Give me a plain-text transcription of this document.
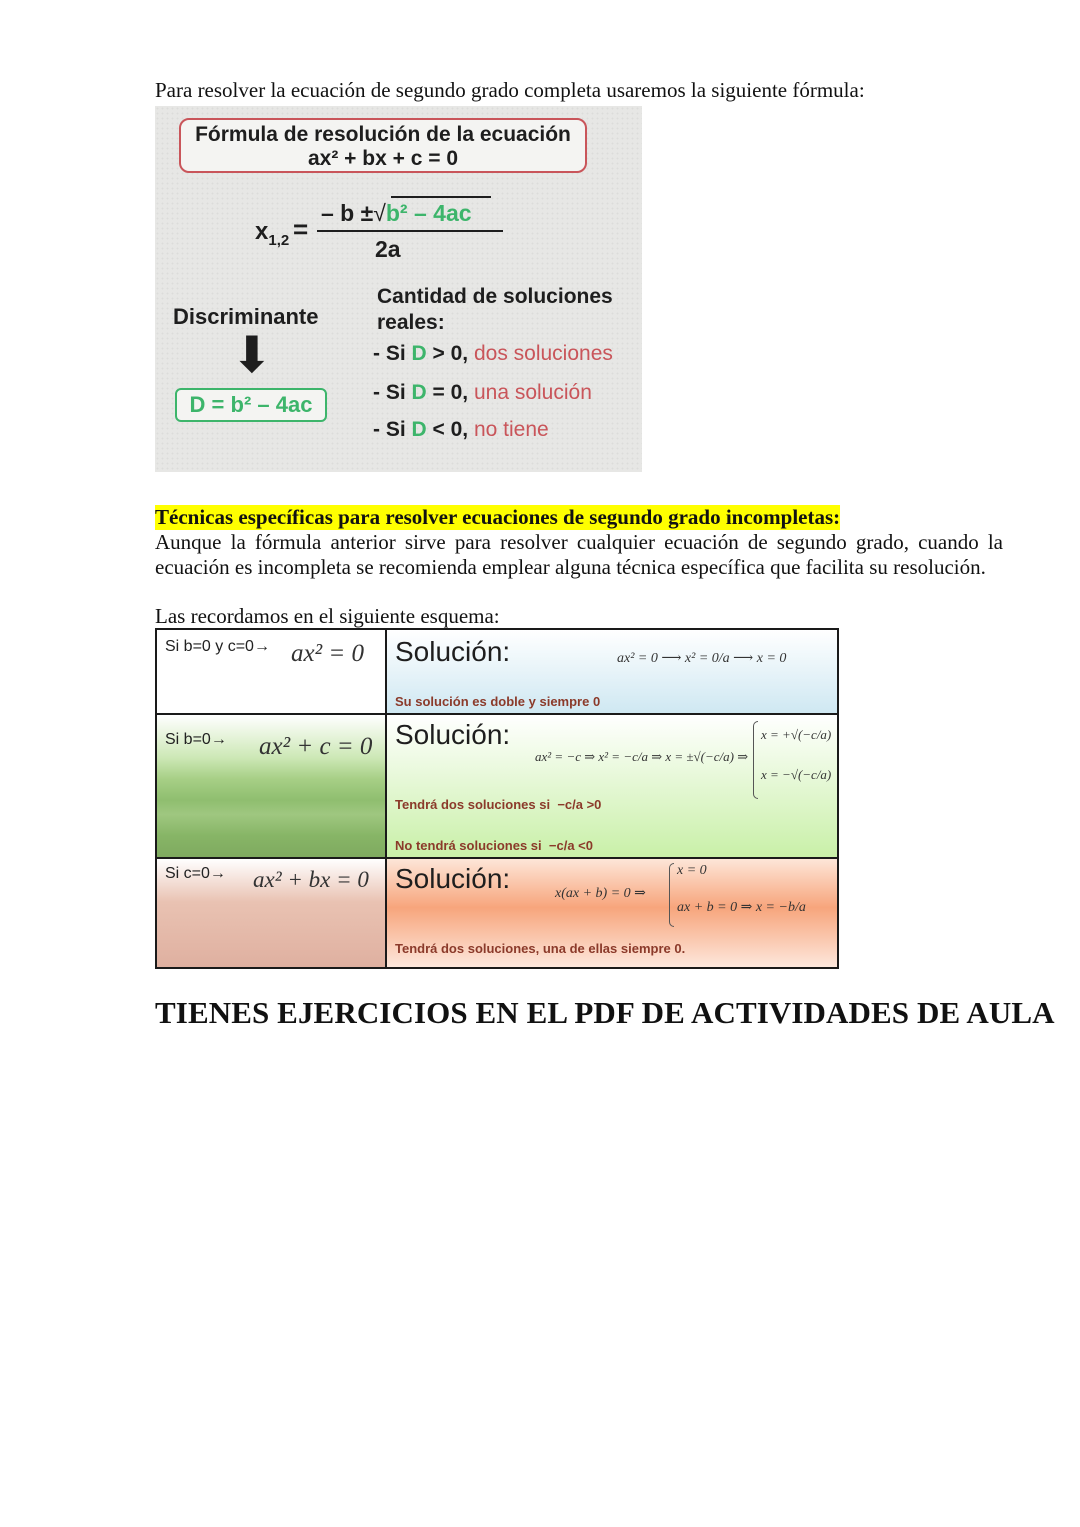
Para resolver la ecuación de segundo grado completa usaremos la siguiente fórmula:
Fórmula de resolución de la ecuación
ax² + bx + c = 0
$x_{1,2}$ =
– b ±√b² – 4ac
2a
Discriminante
⬇
D = b² – 4ac
Cantidad de soluciones
reales:
- Si D > 0, dos soluciones
- Si D = 0, una solución
- Si D < 0, no tiene
Técnicas específicas para resolver ecuaciones de segundo grado incompletas:
Aunque la fórmula anterior sirve para resolver cualquier ecuación de segundo grado, cuando la ecuación es incompleta se recomienda emplear alguna técnica específica que facilita su resolución.
Las recordamos en el siguiente esquema:
Si b=0 y c=0→ ax² = 0 Solución:	ax² = 0 ⟶ x² = 0/a ⟶ x = 0
Su solución es doble y siempre 0
Si b=0→ ax² + c = 0 Solución:
ax² = −c ⇒ x² = −c/a ⇒ x = ±√(−c/a) ⇒
x = +√(−c/a)
x = −√(−c/a)
Tendrá dos soluciones si −c/a >0
No tendrá soluciones si −c/a <0
Si c=0→ ax² + bx = 0 Solución:	x(ax + b) = 0 ⇒
x = 0
ax + b = 0 ⇒ x = −b/a
Tendrá dos soluciones, una de ellas siempre 0.
TIENES EJERCICIOS EN EL PDF DE ACTIVIDADES DE AULA
